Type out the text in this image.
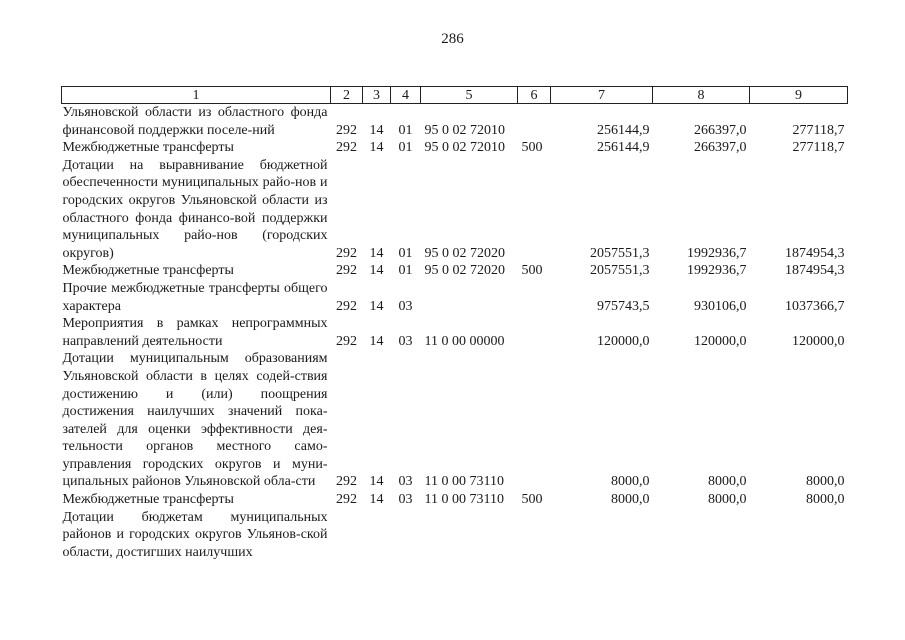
286
1	2	3	4	5	6	7	8	9
Ульяновской области из областного фонда финансовой поддержки поселе-ний	292	14	01	95 0 02 72010		256144,9	266397,0	277118,7
Межбюджетные трансферты	292	14	01	95 0 02 72010	500	256144,9	266397,0	277118,7
Дотации на выравнивание бюджетной обеспеченности муниципальных райо-нов и городских округов Ульяновской области из областного фонда финансо-вой поддержки муниципальных райо-нов (городских округов)	292	14	01	95 0 02 72020		2057551,3	1992936,7	1874954,3
Межбюджетные трансферты	292	14	01	95 0 02 72020	500	2057551,3	1992936,7	1874954,3
Прочие межбюджетные трансферты общего характера	292	14	03			975743,5	930106,0	1037366,7
Мероприятия в рамках непрограммных направлений деятельности	292	14	03	11 0 00 00000		120000,0	120000,0	120000,0
Дотации муниципальным образованиям Ульяновской области в целях содей-ствия достижению и (или) поощрения достижения наилучших значений пока-зателей для оценки эффективности дея-тельности органов местного само-управления городских округов и муни-ципальных районов Ульяновской обла-сти	292	14	03	11 0 00 73110		8000,0	8000,0	8000,0
Межбюджетные трансферты	292	14	03	11 0 00 73110	500	8000,0	8000,0	8000,0
Дотации бюджетам муниципальных районов и городских округов Ульянов-ской области, достигших наилучших								
